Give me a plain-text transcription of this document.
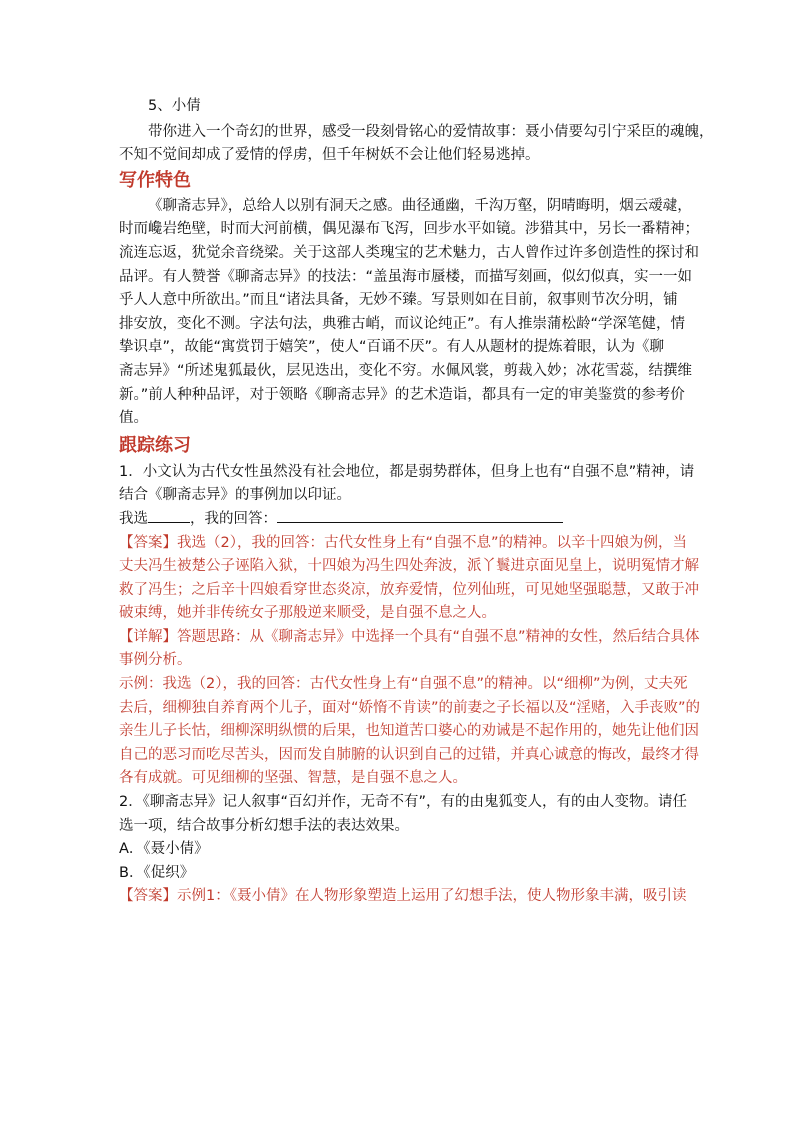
5、小倩

带你进入一个奇幻的世界，感受一段刻骨铭心的爱情故事：聂小倩要勾引宁采臣的魂魄，

不知不觉间却成了爱情的俘虏，但千年树妖不会让他们轻易逃掉。

写作特色

《聊斋志异》，总给人以别有洞天之感。曲径通幽，千沟万壑，阴晴晦明，烟云叆叇，

时而巉岩绝壁，时而大河前横，偶见瀑布飞泻，回步水平如镜。涉猎其中，另长一番精神；

流连忘返，犹觉余音绕梁。关于这部人类瑰宝的艺术魅力，古人曾作过许多创造性的探讨和

品评。有人赞誉《聊斋志异》的技法：“盖虽海市蜃楼，而描写刻画，似幻似真，实一一如

乎人人意中所欲出。”而且“诸法具备，无妙不臻。写景则如在目前，叙事则节次分明，铺

排安放，变化不测。字法句法，典雅古峭，而议论纯正”。有人推崇蒲松龄“学深笔健，情

挚识卓”，故能“寓赏罚于嬉笑”，使人“百诵不厌”。有人从题材的提炼着眼，认为《聊

斋志异》“所述鬼狐最伙，层见迭出，变化不穷。水佩风裳，剪裁入妙；冰花雪蕊，结撰维

新。”前人种种品评，对于领略《聊斋志异》的艺术造诣，都具有一定的审美鉴赏的参考价

值。

跟踪练习

1．小文认为古代女性虽然没有社会地位，都是弱势群体，但身上也有“自强不息”精神，请

结合《聊斋志异》的事例加以印证。

我选	，我的回答：

【答案】我选（2），我的回答：古代女性身上有“自强不息”的精神。以辛十四娘为例，当

丈夫冯生被楚公子诬陷入狱，十四娘为冯生四处奔波，派丫鬟进京面见皇上，说明冤情才解

救了冯生；之后辛十四娘看穿世态炎凉，放弃爱情，位列仙班，可见她坚强聪慧，又敢于冲

破束缚，她并非传统女子那般逆来顺受，是自强不息之人。

【详解】答题思路：从《聊斋志异》中选择一个具有“自强不息”精神的女性，然后结合具体

事例分析。

示例：我选（2），我的回答：古代女性身上有“自强不息”的精神。以“细柳”为例，丈夫死

去后，细柳独自养育两个儿子，面对“娇惰不肯读”的前妻之子长福以及“淫赌，入手丧败”的

亲生儿子长怙，细柳深明纵惯的后果，也知道苦口婆心的劝诫是不起作用的，她先让他们因

自己的恶习而吃尽苦头，因而发自肺腑的认识到自己的过错，并真心诚意的悔改，最终才得

各有成就。可见细柳的坚强、智慧，是自强不息之人。

2．《聊斋志异》记人叙事“百幻并作，无奇不有”，有的由鬼狐变人，有的由人变物。请任

选一项，结合故事分析幻想手法的表达效果。

A．《聂小倩》

B．《促织》

【答案】示例1：《聂小倩》在人物形象塑造上运用了幻想手法，使人物形象丰满，吸引读
